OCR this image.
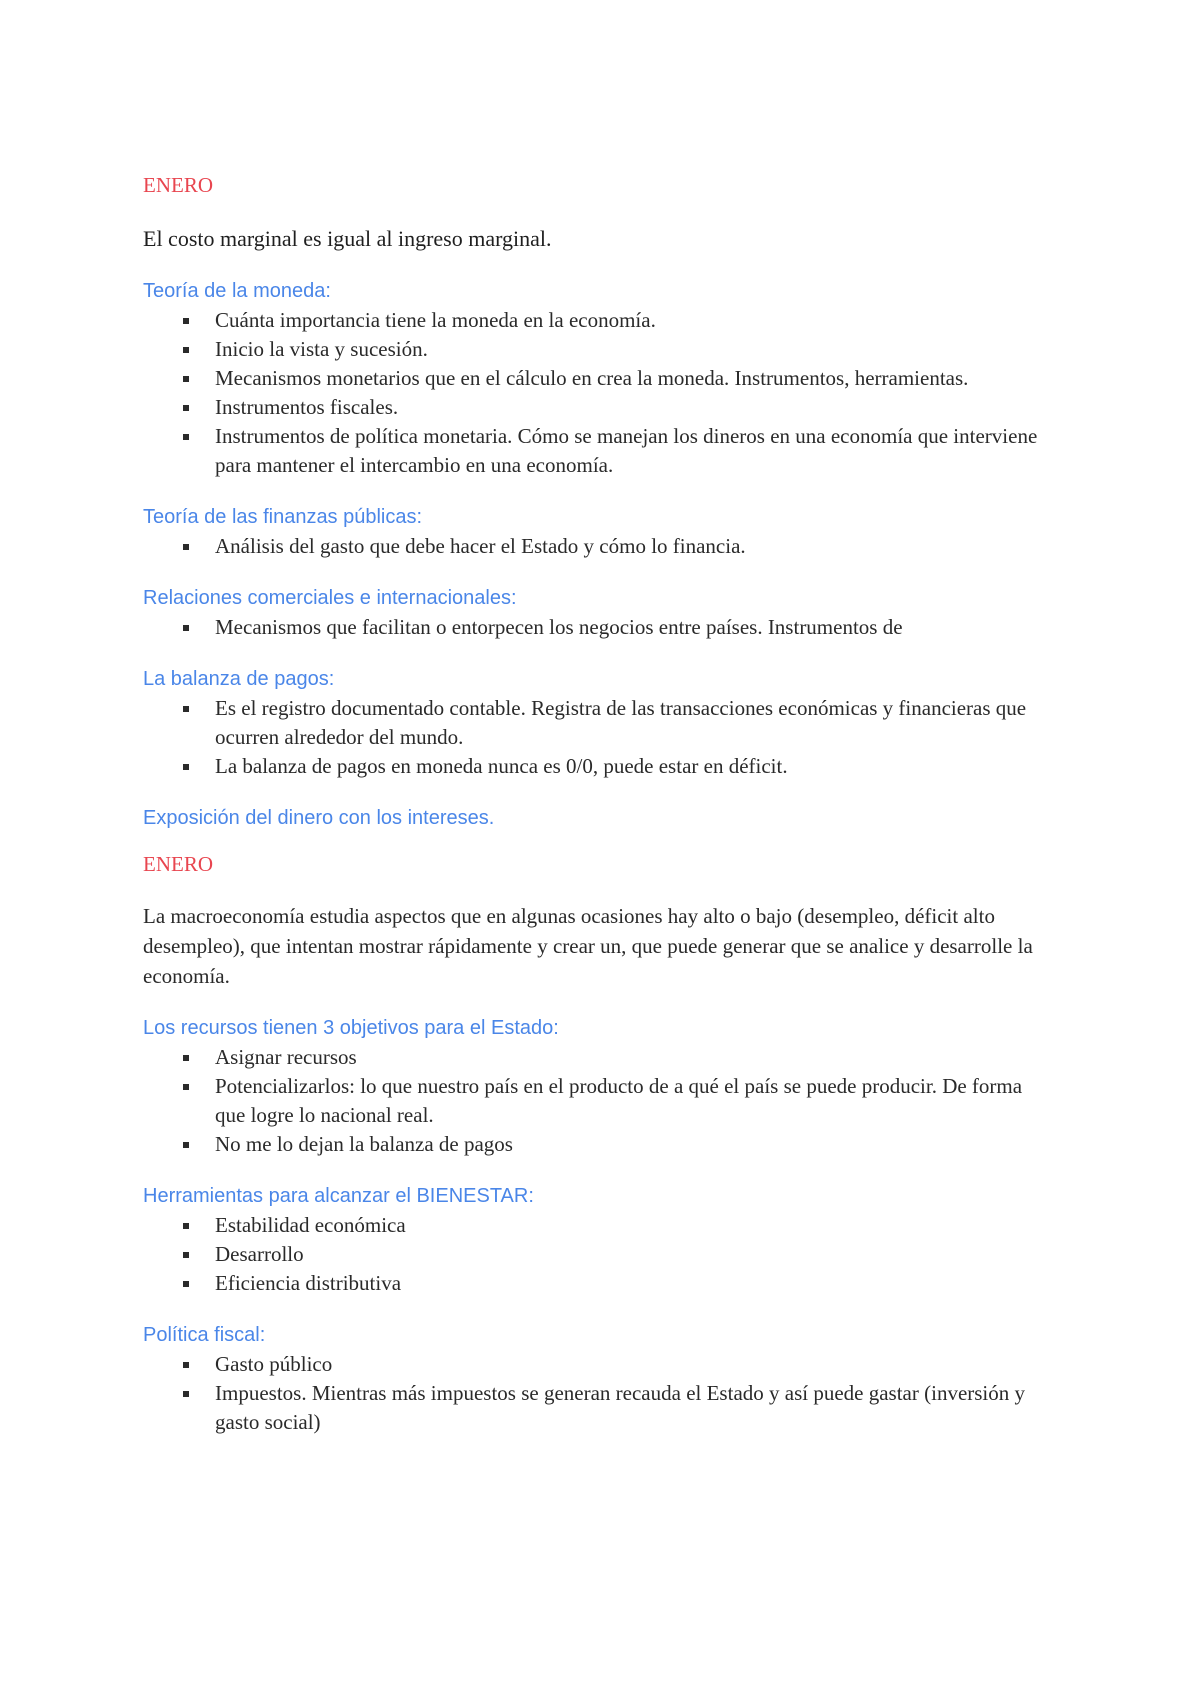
ENERO

El costo marginal es igual al ingreso marginal.

Teoría de la moneda:

Cuánta importancia tiene la moneda en la economía.
Inicio la vista y sucesión.
Mecanismos monetarios que en el cálculo en crea la moneda. Instrumentos, herramientas.
Instrumentos fiscales.
Instrumentos de política monetaria. Cómo se manejan los dineros en una economía que interviene para mantener el intercambio en una economía.

Teoría de las finanzas públicas:

Análisis del gasto que debe hacer el Estado y cómo lo financia.

Relaciones comerciales e internacionales:

Mecanismos que facilitan o entorpecen los negocios entre países. Instrumentos de

La balanza de pagos:

Es el registro documentado contable. Registra de las transacciones económicas y financieras que ocurren alrededor del mundo.
La balanza de pagos en moneda nunca es 0/0, puede estar en déficit.

Exposición del dinero con los intereses.

ENERO

La macroeconomía estudia aspectos que en algunas ocasiones hay alto o bajo (desempleo, déficit alto desempleo), que intentan mostrar rápidamente y crear un, que puede generar que se analice y desarrolle la economía.

Los recursos tienen 3 objetivos para el Estado:

Asignar recursos
Potencializarlos: lo que nuestro país en el producto de a qué el país se puede producir. De forma que logre lo nacional real.
No me lo dejan la balanza de pagos

Herramientas para alcanzar el BIENESTAR:

Estabilidad económica
Desarrollo
Eficiencia distributiva

Política fiscal:

Gasto público
Impuestos. Mientras más impuestos se generan recauda el Estado y así puede gastar (inversión y gasto social)
